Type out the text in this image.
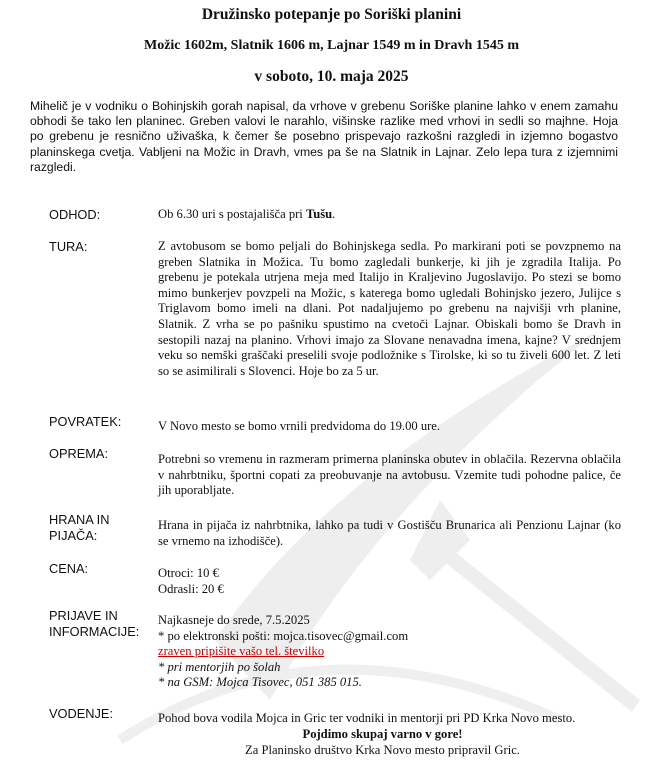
Družinsko potepanje po Soriški planini
Možic 1602m, Slatnik 1606 m, Lajnar 1549 m in Dravh 1545 m
v soboto, 10. maja 2025

Mihelič je v vodniku o Bohinjskih gorah napisal, da vrhove v grebenu Soriške planine lahko v enem zamahu obhodi še tako len planinec. Greben valovi le narahlo, višinske razlike med vrhovi in sedli so majhne. Hoja po grebenu je resnično uživaška, k čemer še posebno prispevajo razkošni razgledi in izjemno bogastvo planinskega cvetja. Vabljeni na Možic in Dravh, vmes pa še na Slatnik in Lajnar. Zelo lepa tura z izjemnimi razgledi.

ODHOD:	Ob 6.30 uri s postajališča pri Tušu.
TURA:	Z avtobusom se bomo peljali do Bohinjskega sedla. Po markirani poti se povzpnemo na greben Slatnika in Možica. Tu bomo zagledali bunkerje, ki jih je zgradila Italija. Po grebenu je potekala utrjena meja med Italijo in Kraljevino Jugoslavijo. Po stezi se bomo mimo bunkerjev povzpeli na Možic, s katerega bomo ugledali Bohinjsko jezero, Julijce s Triglavom bomo imeli na dlani. Pot nadaljujemo po grebenu na najvišji vrh planine, Slatnik. Z vrha se po pašniku spustimo na cvetoči Lajnar. Obiskali bomo še Dravh in sestopili nazaj na planino. Vrhovi imajo za Slovane nenavadna imena, kajne? V srednjem veku so nemški graščaki preselili svoje podložnike s Tirolske, ki so tu živeli 600 let. Z leti so se asimilirali s Slovenci. Hoje bo za 5 ur.
POVRATEK:	V Novo mesto se bomo vrnili predvidoma do 19.00 ure.
OPREMA:	Potrebni so vremenu in razmeram primerna planinska obutev in oblačila. Rezervna oblačila v nahrbtniku, športni copati za preobuvanje na avtobusu. Vzemite tudi pohodne palice, če jih uporabljate.
HRANA IN
PIJAČA:
Hrana in pijača iz nahrbtnika, lahko pa tudi v Gostišču Brunarica ali Penzionu Lajnar (ko se vrnemo na izhodišče).
CENA:	Otroci: 10 €

Odrasli: 20 €

PRIJAVE IN
INFORMACIJE:

Najkasneje do srede, 7.5.2025

* po elektronski pošti: mojca.tisovec@gmail.com

zraven pripišite vašo tel. številko

* pri mentorjih po šolah

* na GSM: Mojca Tisovec, 051 385 015.

VODENJE:	Pohod bova vodila Mojca in Gric ter vodniki in mentorji pri PD Krka Novo mesto.

Pojdimo skupaj varno v gore!

Za Planinsko društvo Krka Novo mesto pripravil Gric.
